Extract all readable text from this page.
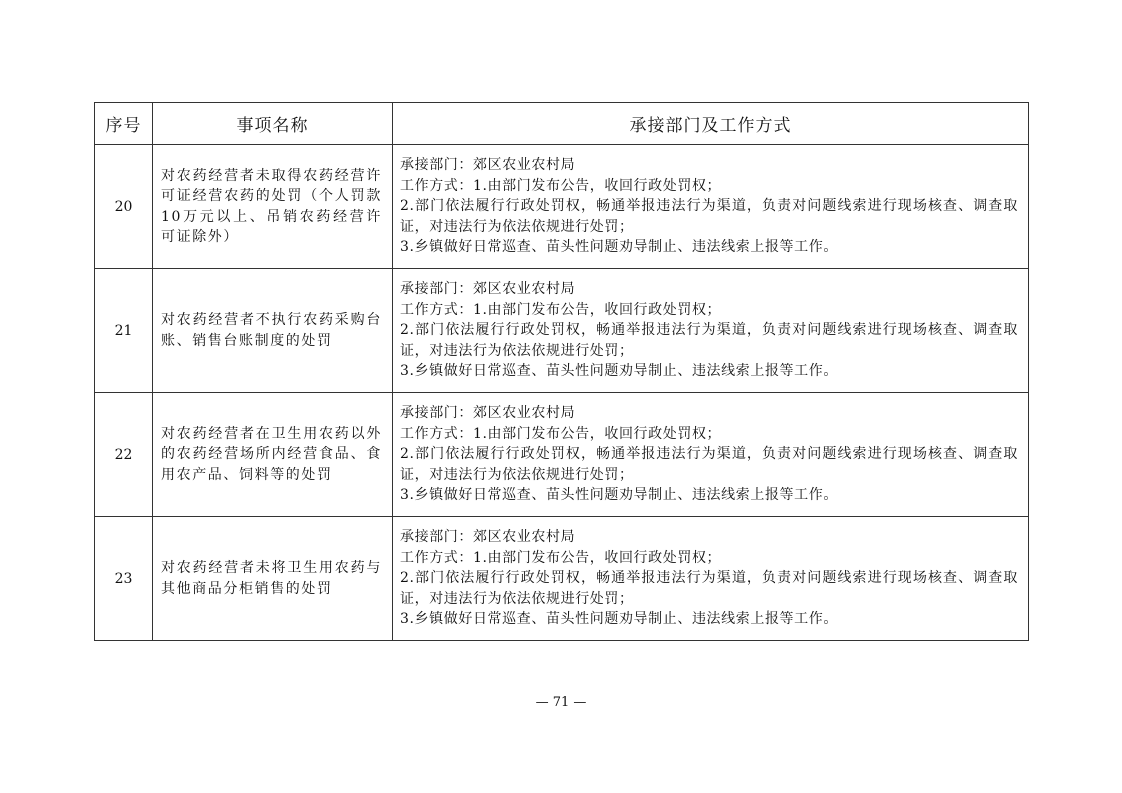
序号	事项名称	承接部门及工作方式
20	对农药经营者未取得农药经营许可证经营农药的处罚（个人罚款10万元以上、吊销农药经营许可证除外）	承接部门：郊区农业农村局

工作方式：1.由部门发布公告，收回行政处罚权；

2.部门依法履行行政处罚权，畅通举报违法行为渠道，负责对问题线索进行现场核查、调查取证，对违法行为依法依规进行处罚；

3.乡镇做好日常巡查、苗头性问题劝导制止、违法线索上报等工作。

21	对农药经营者不执行农药采购台账、销售台账制度的处罚	承接部门：郊区农业农村局

工作方式：1.由部门发布公告，收回行政处罚权；

2.部门依法履行行政处罚权，畅通举报违法行为渠道，负责对问题线索进行现场核查、调查取证，对违法行为依法依规进行处罚；

3.乡镇做好日常巡查、苗头性问题劝导制止、违法线索上报等工作。

22	对农药经营者在卫生用农药以外的农药经营场所内经营食品、食用农产品、饲料等的处罚	承接部门：郊区农业农村局

工作方式：1.由部门发布公告，收回行政处罚权；

2.部门依法履行行政处罚权，畅通举报违法行为渠道，负责对问题线索进行现场核查、调查取证，对违法行为依法依规进行处罚；

3.乡镇做好日常巡查、苗头性问题劝导制止、违法线索上报等工作。

23	对农药经营者未将卫生用农药与其他商品分柜销售的处罚	承接部门：郊区农业农村局

工作方式：1.由部门发布公告，收回行政处罚权；

2.部门依法履行行政处罚权，畅通举报违法行为渠道，负责对问题线索进行现场核查、调查取证，对违法行为依法依规进行处罚；

3.乡镇做好日常巡查、苗头性问题劝导制止、违法线索上报等工作。

— 71 —
